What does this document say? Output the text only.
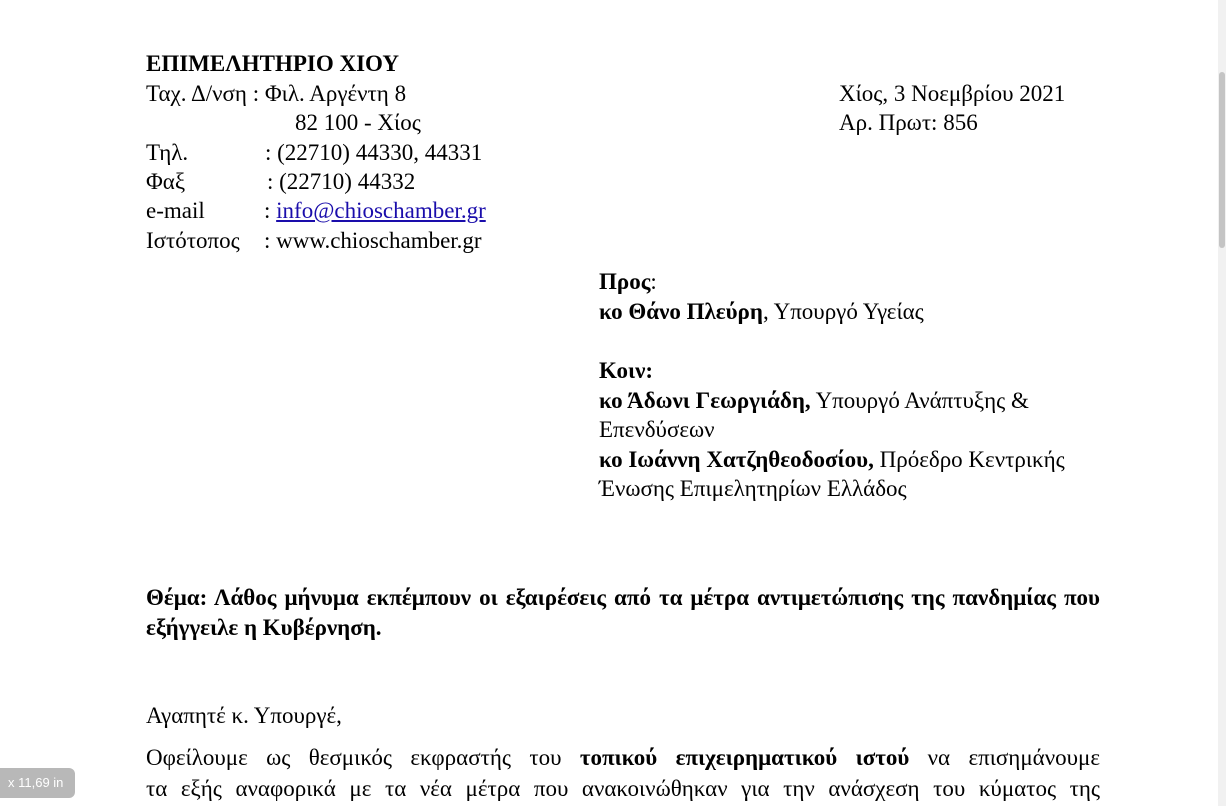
ΕΠΙΜΕΛΗΤΗΡΙΟ ΧΙΟΥ
Ταχ. Δ/νση : Φιλ. Αργέντη 8
82 100 - Χίος
Τηλ.	: (22710) 44330, 44331
Φαξ	: (22710) 44332
e-mail	: info@chioschamber.gr
Ιστότοπος : www.chioschamber.gr
Χίος, 3 Νοεμβρίου 2021
Αρ. Πρωτ: 856
Προς:
κο Θάνο Πλεύρη, Υπουργό Υγείας
Κοιν:
κο Άδωνι Γεωργιάδη, Υπουργό Ανάπτυξης &
Επενδύσεων
κο Ιωάννη Χατζηθεοδοσίου, Πρόεδρο Κεντρικής
Ένωσης Επιμελητηρίων Ελλάδος
Θέμα: Λάθος μήνυμα εκπέμπουν οι εξαιρέσεις από τα μέτρα αντιμετώπισης της πανδημίας που εξήγγειλε η Κυβέρνηση.
Αγαπητέ κ. Υπουργέ,
Οφείλουμε ως θεσμικός εκφραστής του τοπικού επιχειρηματικού ιστού να επισημάνουμε
τα εξής αναφορικά με τα νέα μέτρα που ανακοινώθηκαν για την ανάσχεση του κύματος της
x 11,69 in
